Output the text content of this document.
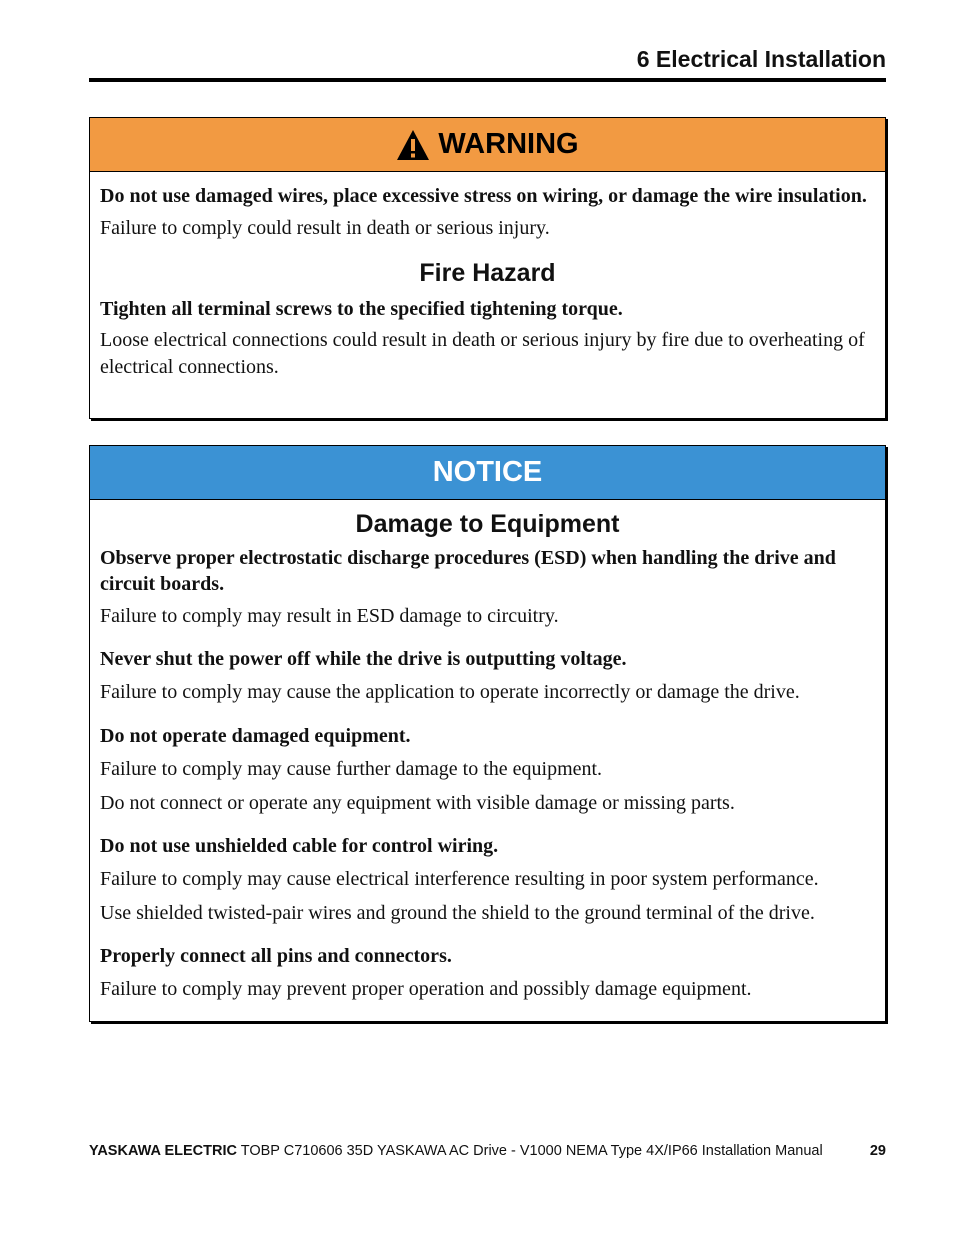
6 Electrical Installation
WARNING
Do not use damaged wires, place excessive stress on wiring, or damage the wire insulation.
Failure to comply could result in death or serious injury.
Fire Hazard
Tighten all terminal screws to the specified tightening torque.
Loose electrical connections could result in death or serious injury by fire due to overheating of electrical connections.
NOTICE
Damage to Equipment
Observe proper electrostatic discharge procedures (ESD) when handling the drive and circuit boards.
Failure to comply may result in ESD damage to circuitry.
Never shut the power off while the drive is outputting voltage.
Failure to comply may cause the application to operate incorrectly or damage the drive.
Do not operate damaged equipment.
Failure to comply may cause further damage to the equipment.
Do not connect or operate any equipment with visible damage or missing parts.
Do not use unshielded cable for control wiring.
Failure to comply may cause electrical interference resulting in poor system performance.
Use shielded twisted-pair wires and ground the shield to the ground terminal of the drive.
Properly connect all pins and connectors.
Failure to comply may prevent proper operation and possibly damage equipment.
YASKAWA ELECTRIC TOBP C710606 35D YASKAWA AC Drive - V1000 NEMA Type 4X/IP66 Installation Manual	29
